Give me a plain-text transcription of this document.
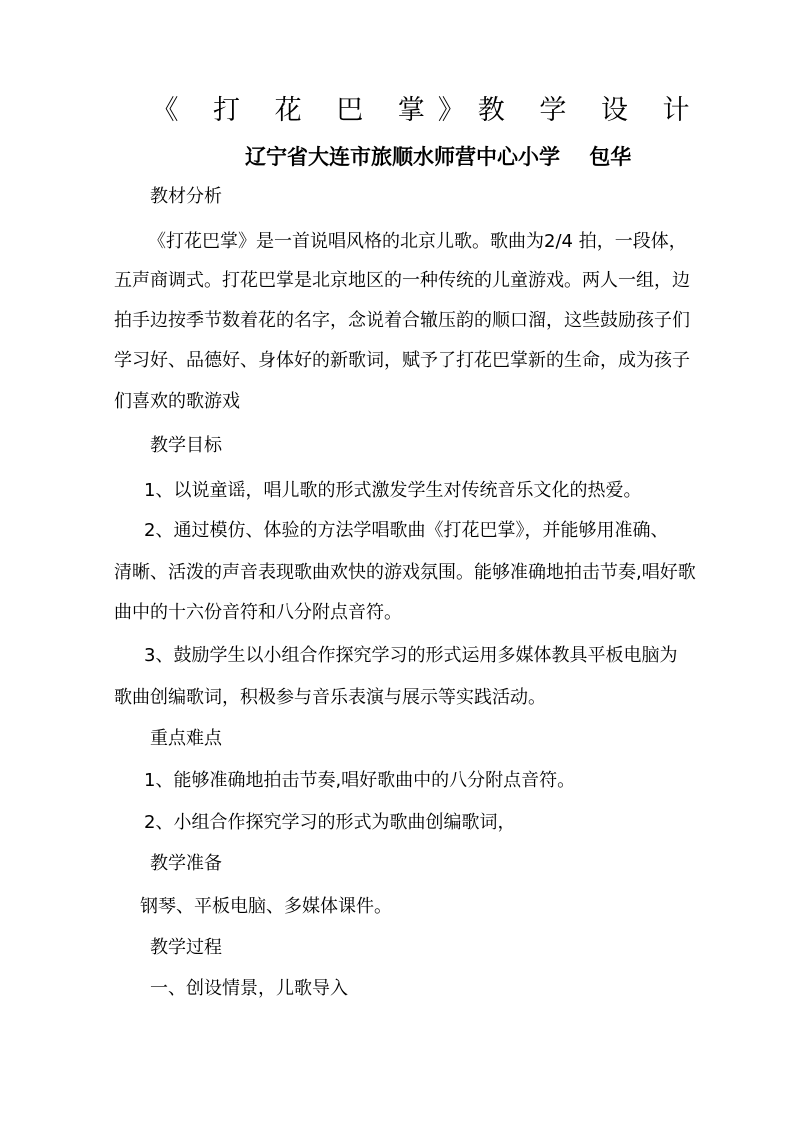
《 打 花 巴 掌》教 学 设 计
辽宁省大连市旅顺水师营中心小学    包华
教材分析
《打花巴掌》是一首说唱风格的北京儿歌。歌曲为2/4 拍，一段体，
五声商调式。打花巴掌是北京地区的一种传统的儿童游戏。两人一组，边
拍手边按季节数着花的名字，念说着合辙压韵的顺口溜，这些鼓励孩子们
学习好、品德好、身体好的新歌词，赋予了打花巴掌新的生命，成为孩子
们喜欢的歌游戏
教学目标
1、以说童谣，唱儿歌的形式激发学生对传统音乐文化的热爱。
2、通过模仿、体验的方法学唱歌曲《打花巴掌》，并能够用准确、
清晰、活泼的声音表现歌曲欢快的游戏氛围。能够准确地拍击节奏,唱好歌
曲中的十六份音符和八分附点音符。
3、鼓励学生以小组合作探究学习的形式运用多媒体教具平板电脑为
歌曲创编歌词，积极参与音乐表演与展示等实践活动。
重点难点
1、能够准确地拍击节奏,唱好歌曲中的八分附点音符。
2、小组合作探究学习的形式为歌曲创编歌词，
教学准备
钢琴、平板电脑、多媒体课件。
教学过程
一、创设情景，儿歌导入
